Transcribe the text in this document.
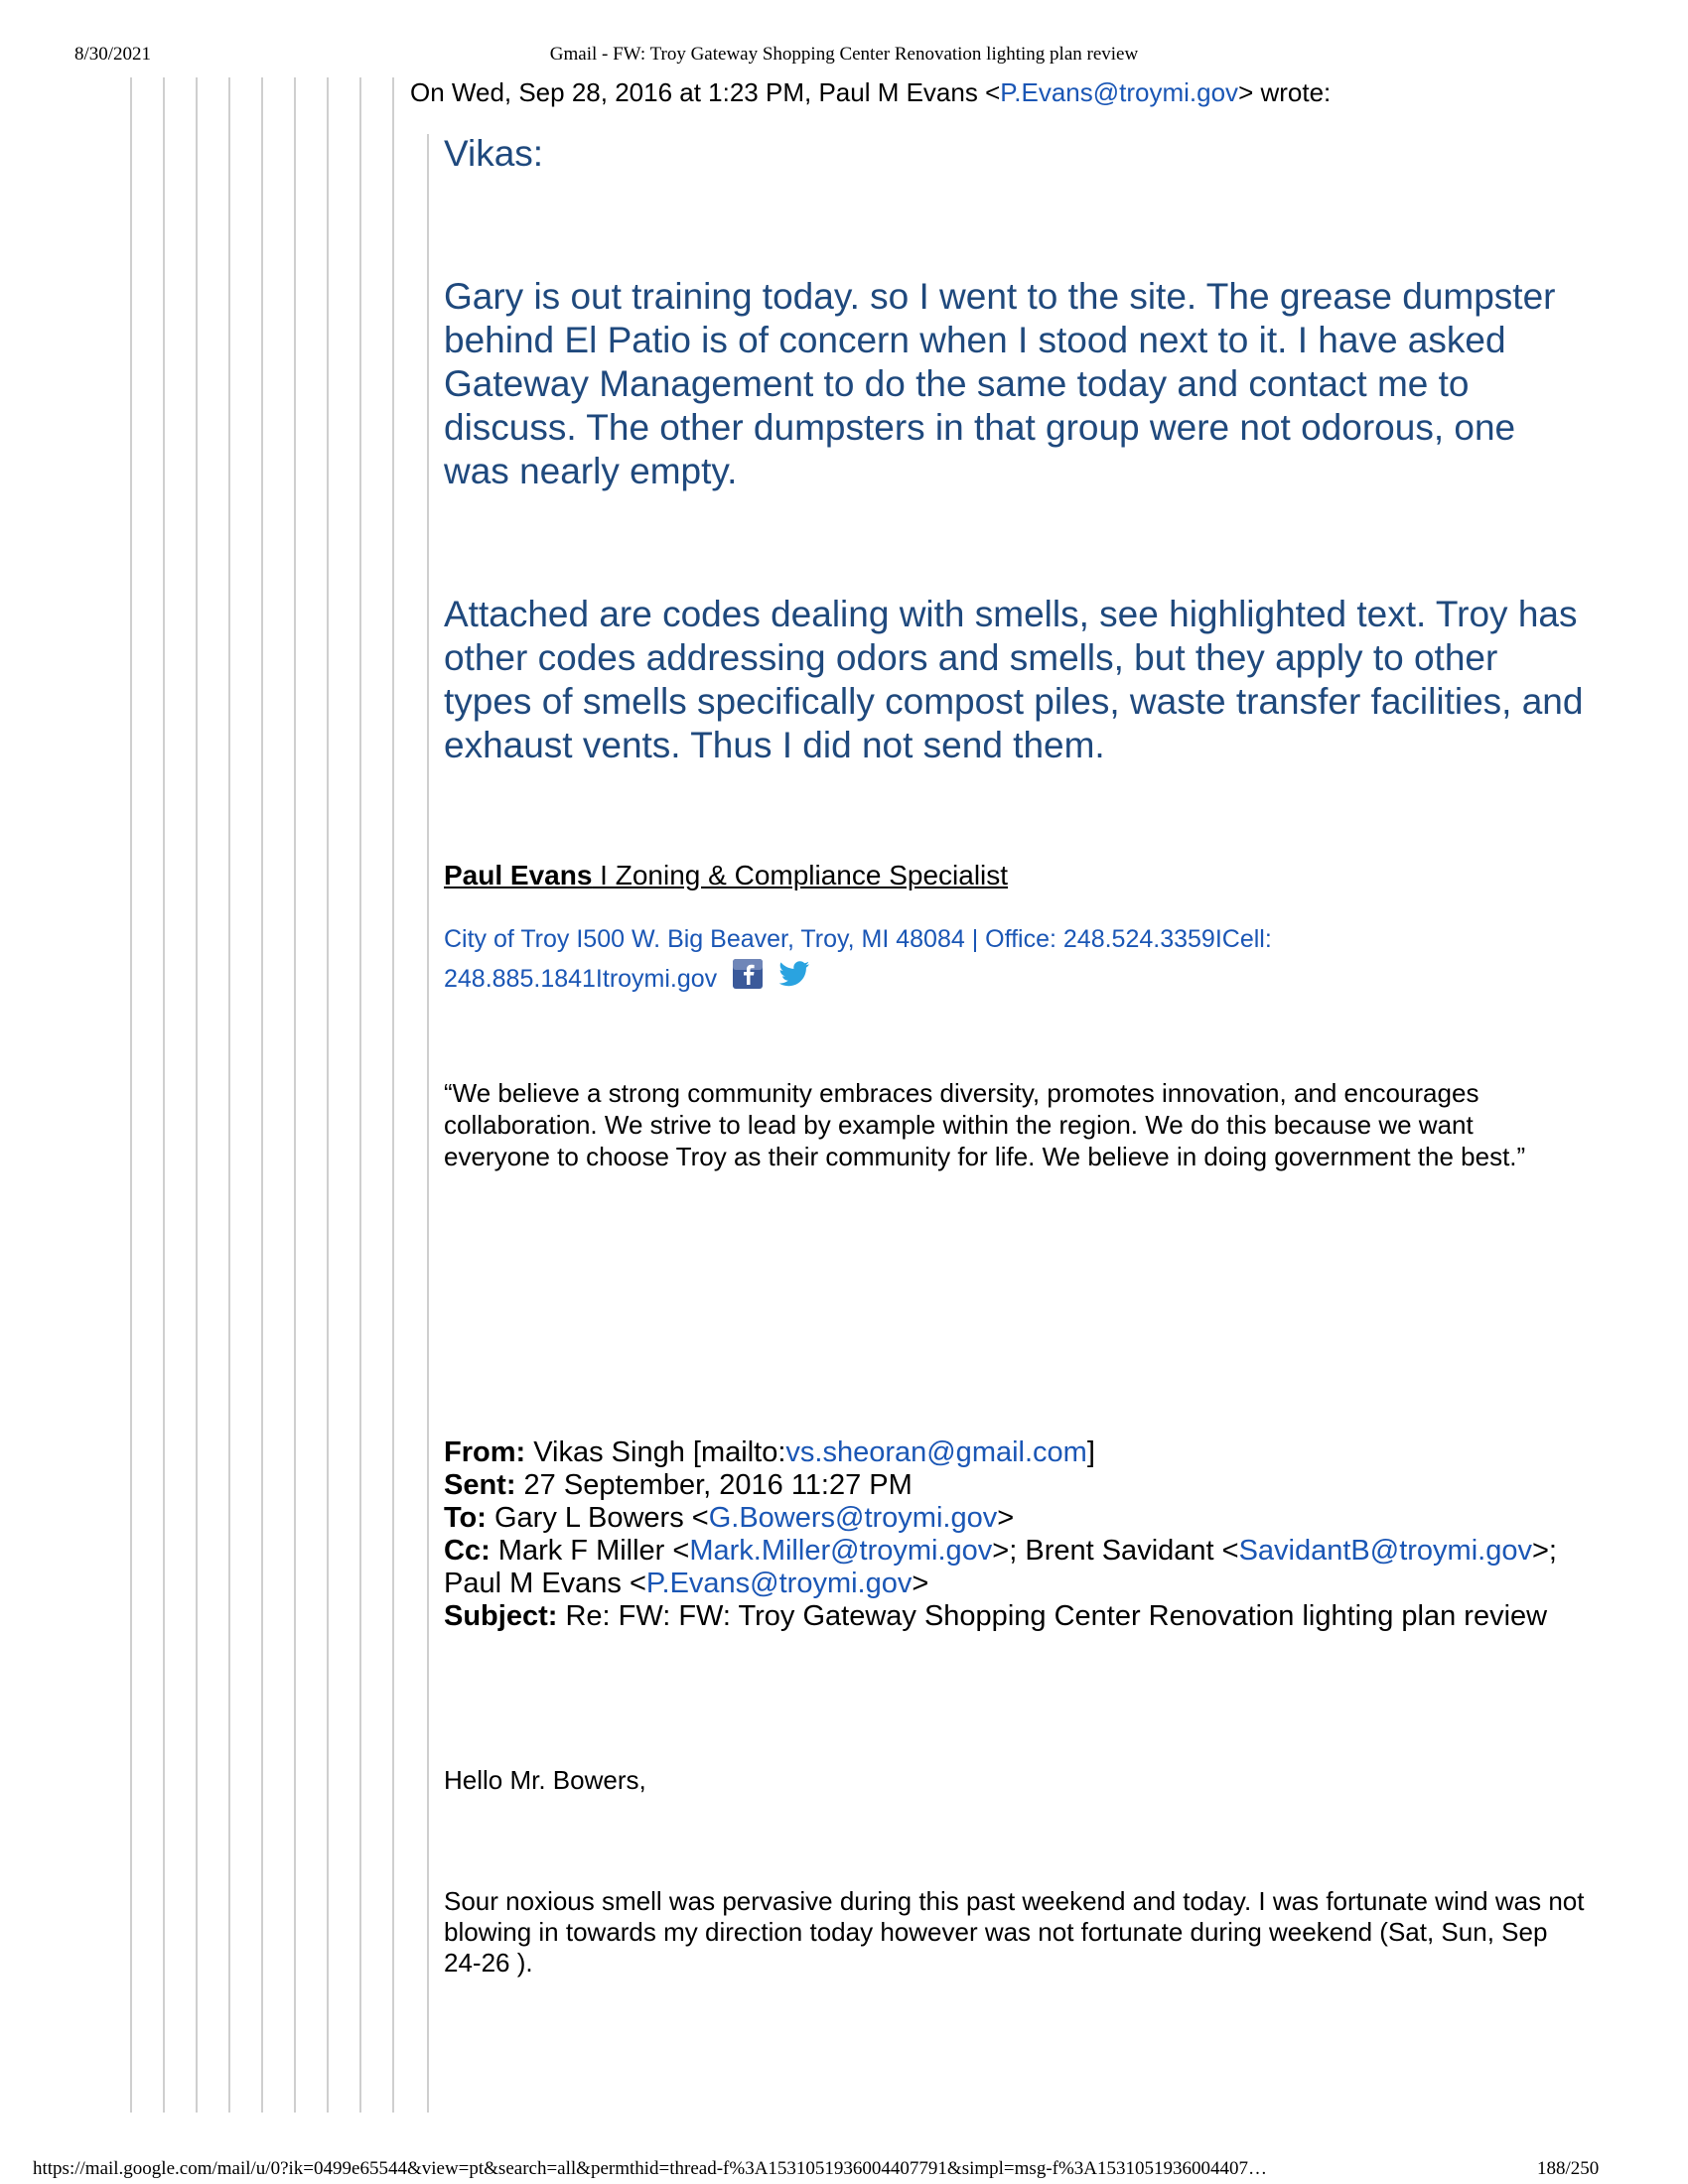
8/30/2021	Gmail - FW: Troy Gateway Shopping Center Renovation lighting plan review
On Wed, Sep 28, 2016 at 1:23 PM, Paul M Evans <P.Evans@troymi.gov> wrote:

Vikas:

Gary is out training today. so I went to the site. The grease dumpster behind El Patio is of concern when I stood next to it. I have asked Gateway Management to do the same today and contact me to discuss. The other dumpsters in that group were not odorous, one was nearly empty.

Attached are codes dealing with smells, see highlighted text. Troy has other codes addressing odors and smells, but they apply to other types of smells specifically compost piles, waste transfer facilities, and exhaust vents. Thus I did not send them.

Paul Evans I Zoning & Compliance Specialist
City of Troy I500 W. Big Beaver, Troy, MI 48084 | Office: 248.524.3359ICell: 248.885.1841Itroymi.gov

“We believe a strong community embraces diversity, promotes innovation, and encourages collaboration. We strive to lead by example within the region. We do this because we want everyone to choose Troy as their community for life. We believe in doing government the best.”

From: Vikas Singh [mailto:vs.sheoran@gmail.com]
Sent: 27 September, 2016 11:27 PM
To: Gary L Bowers <G.Bowers@troymi.gov>
Cc: Mark F Miller <Mark.Miller@troymi.gov>; Brent Savidant <SavidantB@troymi.gov>; Paul M Evans <P.Evans@troymi.gov>
Subject: Re: FW: FW: Troy Gateway Shopping Center Renovation lighting plan review

Hello Mr. Bowers,

Sour noxious smell was pervasive during this past weekend and today. I was fortunate wind was not blowing in towards my direction today however was not fortunate during weekend (Sat, Sun, Sep 24-26 ).

https://mail.google.com/mail/u/0?ik=0499e65544&view=pt&search=all&permthid=thread-f%3A1531051936004407791&simpl=msg-f%3A1531051936004407…	188/250
